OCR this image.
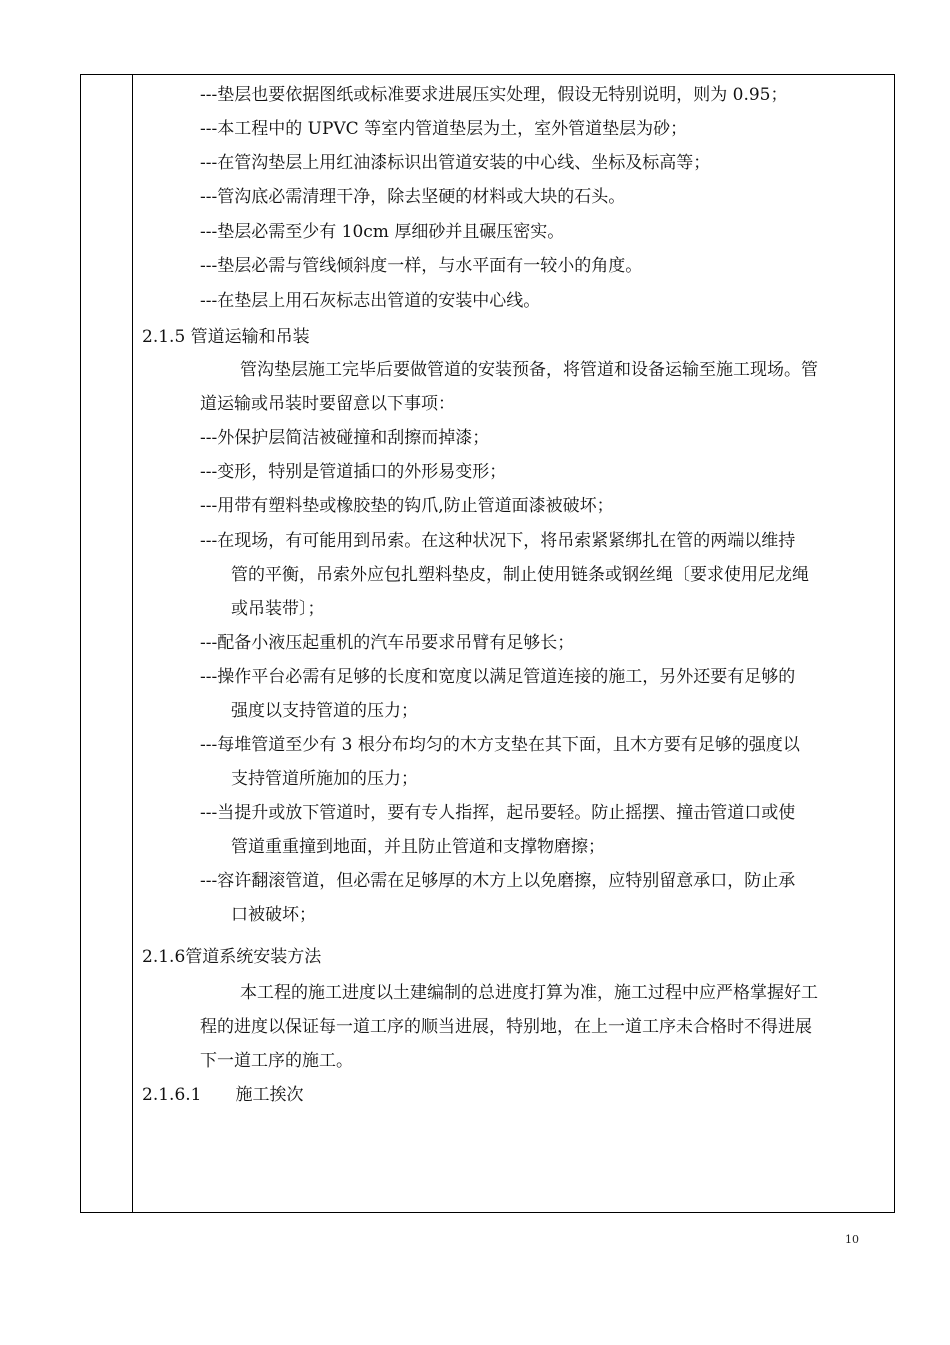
---垫层也要依据图纸或标准要求进展压实处理，假设无特别说明，则为 0.95；
---本工程中的 UPVC 等室内管道垫层为土，室外管道垫层为砂；
---在管沟垫层上用红油漆标识出管道安装的中心线、坐标及标高等；
---管沟底必需清理干净，除去坚硬的材料或大块的石头。
---垫层必需至少有 10cm 厚细砂并且碾压密实。
---垫层必需与管线倾斜度一样，与水平面有一较小的角度。
---在垫层上用石灰标志出管道的安装中心线。
2.1.5 管道运输和吊装
管沟垫层施工完毕后要做管道的安装预备，将管道和设备运输至施工现场。管
道运输或吊装时要留意以下事项：
---外保护层简洁被碰撞和刮擦而掉漆；
---变形，特别是管道插口的外形易变形；
---用带有塑料垫或橡胶垫的钩爪,防止管道面漆被破坏；
---在现场，有可能用到吊索。在这种状况下，将吊索紧紧绑扎在管的两端以维持
管的平衡，吊索外应包扎塑料垫皮，制止使用链条或钢丝绳〔要求使用尼龙绳
或吊装带〕；
---配备小液压起重机的汽车吊要求吊臂有足够长；
---操作平台必需有足够的长度和宽度以满足管道连接的施工，另外还要有足够的
强度以支持管道的压力；
---每堆管道至少有 3 根分布均匀的木方支垫在其下面，且木方要有足够的强度以
支持管道所施加的压力；
---当提升或放下管道时，要有专人指挥，起吊要轻。防止摇摆、撞击管道口或使
管道重重撞到地面，并且防止管道和支撑物磨擦；
---容许翻滚管道，但必需在足够厚的木方上以免磨擦，应特别留意承口，防止承
口被破坏；
2.1.6管道系统安装方法
本工程的施工进度以土建编制的总进度打算为准，施工过程中应严格掌握好工
程的进度以保证每一道工序的顺当进展，特别地，在上一道工序未合格时不得进展
下一道工序的施工。
2.1.6.1　　施工挨次
10
